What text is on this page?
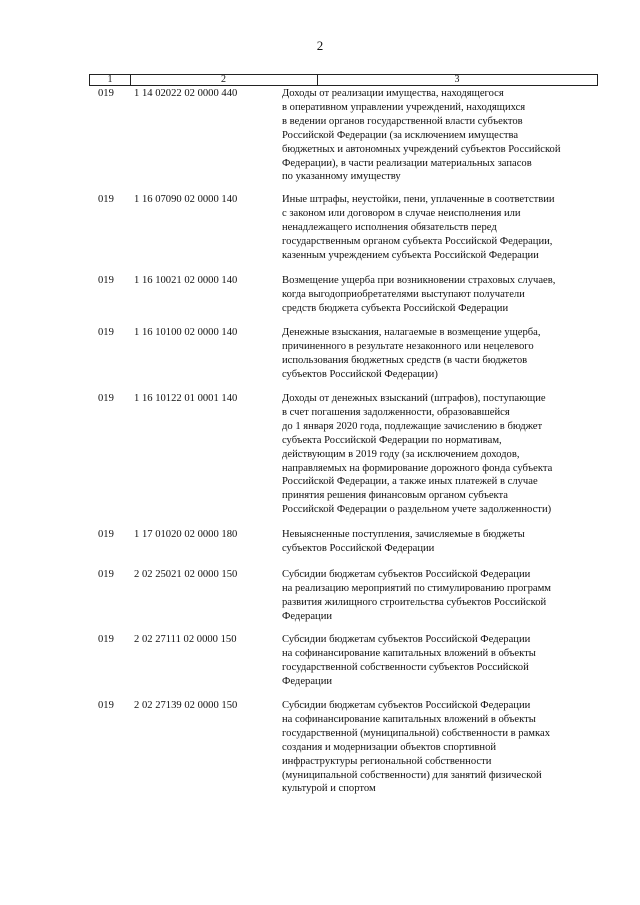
2
1	2	3
019	1 14 02022 02 0000 440	Доходы от реализации имущества, находящегося
в оперативном управлении учреждений, находящихся
в ведении органов государственной власти субъектов
Российской Федерации (за исключением имущества
бюджетных и автономных учреждений субъектов Российской
Федерации), в части реализации материальных запасов
по указанному имуществу
019	1 16 07090 02 0000 140	Иные штрафы, неустойки, пени, уплаченные в соответствии
с законом или договором в случае неисполнения или
ненадлежащего исполнения обязательств перед
государственным органом субъекта Российской Федерации,
казенным учреждением субъекта Российской Федерации
019	1 16 10021 02 0000 140	Возмещение ущерба при возникновении страховых случаев,
когда выгодоприобретателями выступают получатели
средств бюджета субъекта Российской Федерации
019	1 16 10100 02 0000 140	Денежные взыскания, налагаемые в возмещение ущерба,
причиненного в результате незаконного или нецелевого
использования бюджетных средств (в части бюджетов
субъектов Российской Федерации)
019	1 16 10122 01 0001 140	Доходы от денежных взысканий (штрафов), поступающие
в счет погашения задолженности, образовавшейся
до 1 января 2020 года, подлежащие зачислению в бюджет
субъекта Российской Федерации по нормативам,
действующим в 2019 году (за исключением доходов,
направляемых на формирование дорожного фонда субъекта
Российской Федерации, а также иных платежей в случае
принятия решения финансовым органом субъекта
Российской Федерации о раздельном учете задолженности)
019	1 17 01020 02 0000 180	Невыясненные поступления, зачисляемые в бюджеты
субъектов Российской Федерации
019	2 02 25021 02 0000 150	Субсидии бюджетам субъектов Российской Федерации
на реализацию мероприятий по стимулированию программ
развития жилищного строительства субъектов Российской
Федерации
019	2 02 27111 02 0000 150	Субсидии бюджетам субъектов Российской Федерации
на софинансирование капитальных вложений в объекты
государственной собственности субъектов Российской
Федерации
019	2 02 27139 02 0000 150	Субсидии бюджетам субъектов Российской Федерации
на софинансирование капитальных вложений в объекты
государственной (муниципальной) собственности в рамках
создания и модернизации объектов спортивной
инфраструктуры региональной собственности
(муниципальной собственности) для занятий физической
культурой и спортом
